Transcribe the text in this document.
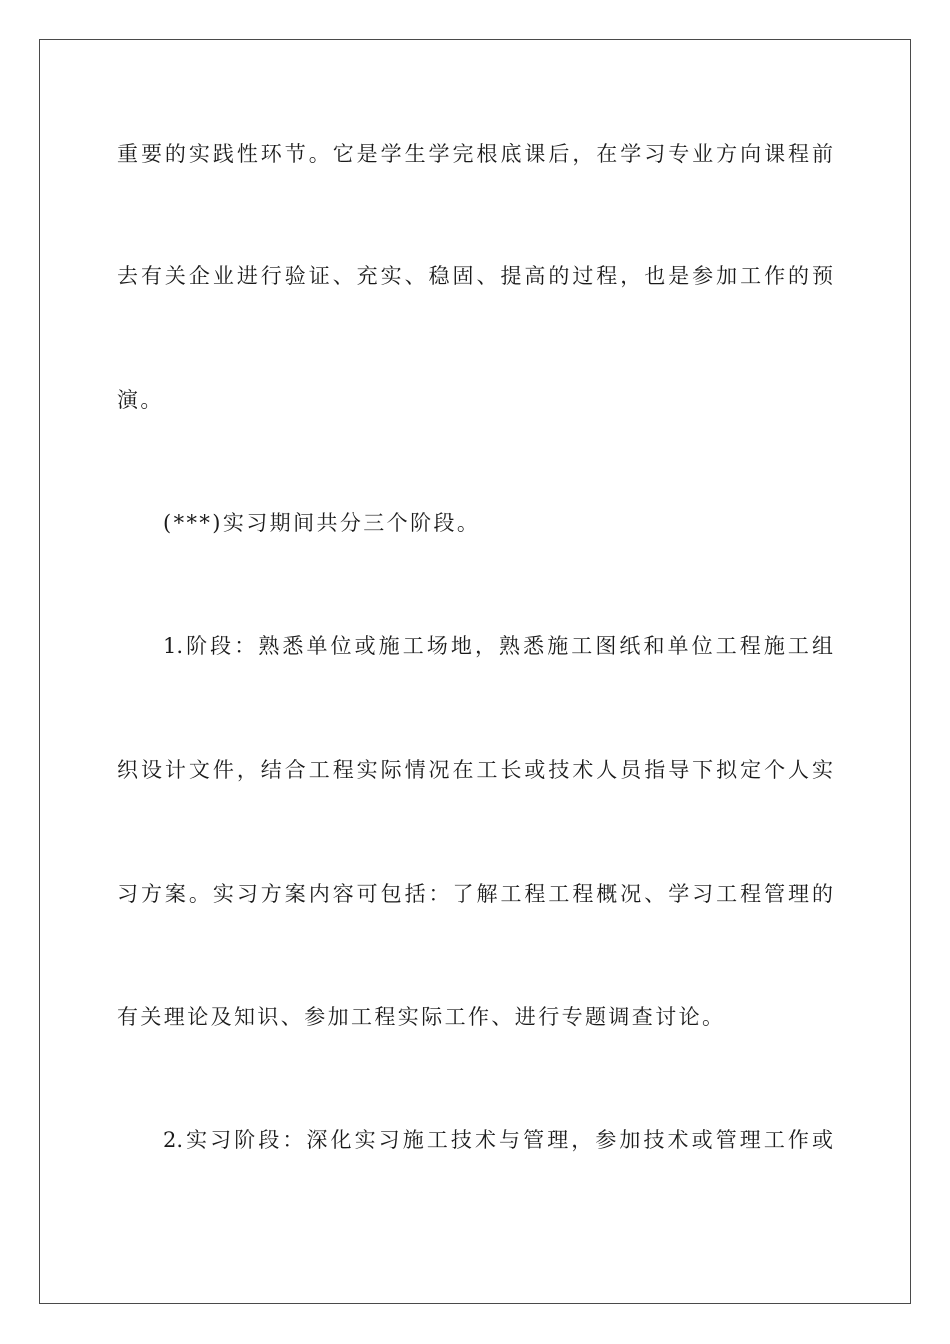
重要的实践性环节。它是学生学完根底课后，在学习专业方向课程前
去有关企业进行验证、充实、稳固、提高的过程，也是参加工作的预
演。
(***)实习期间共分三个阶段。
1.阶段：熟悉单位或施工场地，熟悉施工图纸和单位工程施工组
织设计文件，结合工程实际情况在工长或技术人员指导下拟定个人实
习方案。实习方案内容可包括：了解工程工程概况、学习工程管理的
有关理论及知识、参加工程实际工作、进行专题调查讨论。
2.实习阶段：深化实习施工技术与管理，参加技术或管理工作或
